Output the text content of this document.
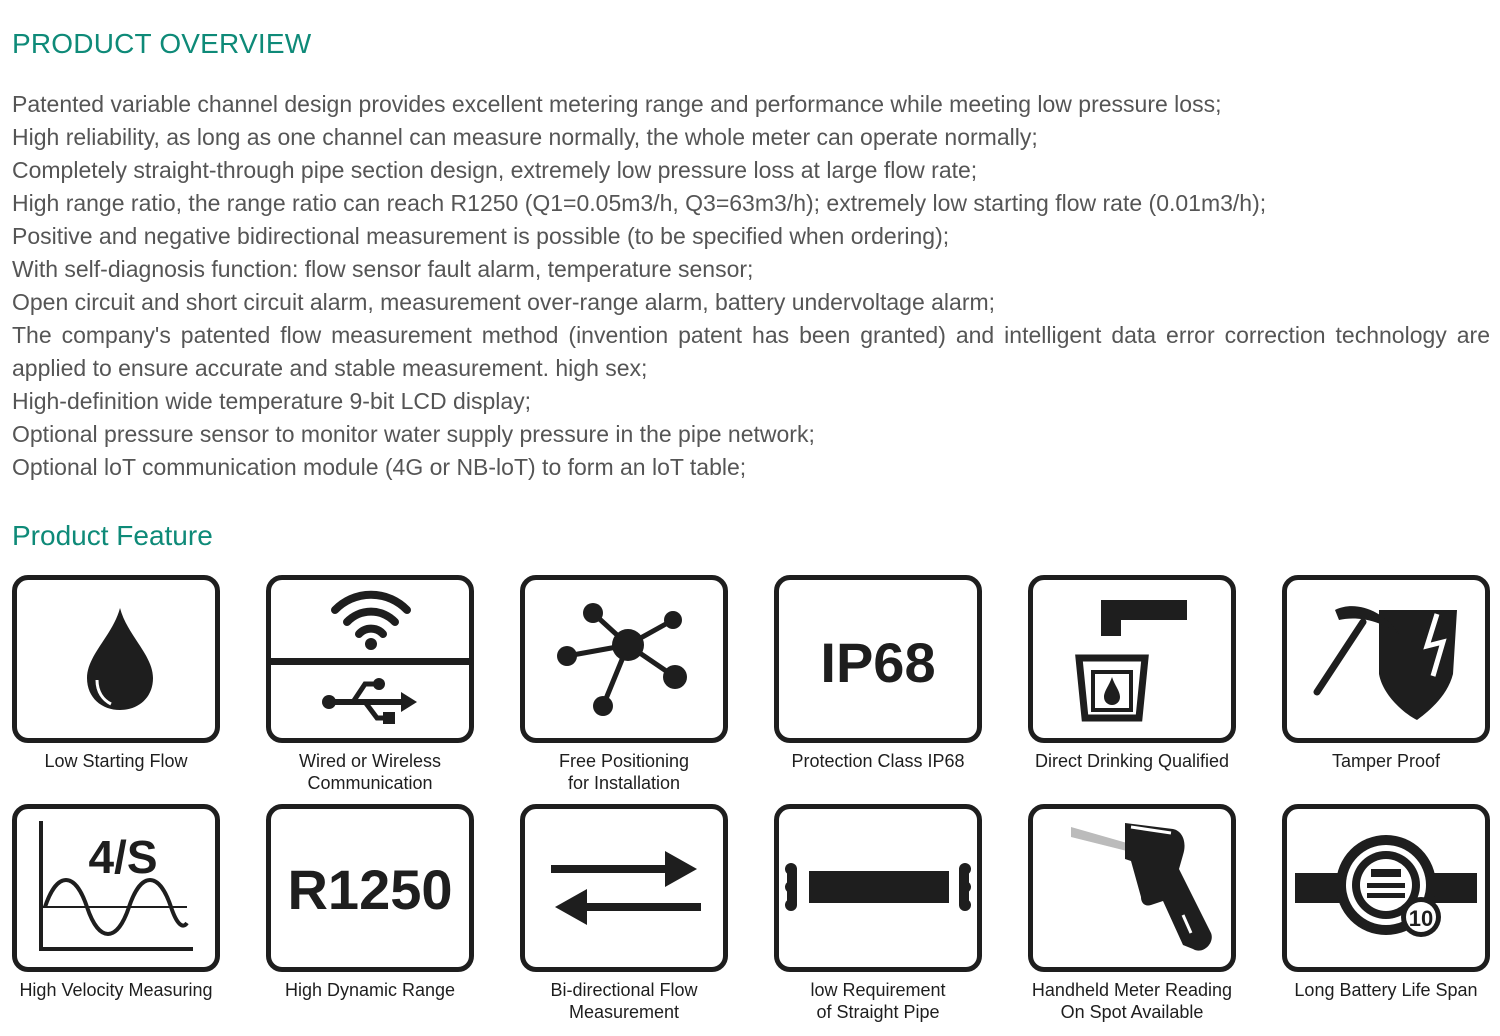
PRODUCT OVERVIEW

Patented variable channel design provides excellent metering range and performance while meeting low pressure loss;

High reliability, as long as one channel can measure normally, the whole meter can operate normally;

Completely straight-through pipe section design, extremely low pressure loss at large flow rate;

High range ratio, the range ratio can reach R1250 (Q1=0.05m3/h, Q3=63m3/h); extremely low starting flow rate (0.01m3/h);

Positive and negative bidirectional measurement is possible (to be specified when ordering);

With self-diagnosis function: flow sensor fault alarm, temperature sensor;

Open circuit and short circuit alarm, measurement over-range alarm, battery undervoltage alarm;

The company's patented flow measurement method (invention patent has been granted) and intelligent data error correction technology are applied to ensure accurate and stable measurement. high sex;

High-definition wide temperature 9-bit LCD display;

Optional pressure sensor to monitor water supply pressure in the pipe network;

Optional loT communication module (4G or NB-loT) to form an loT table;

Product Feature
Low Starting Flow	Wired or Wireless
Communication
Free Positioning
for Installation
IP68
Protection Class IP68	Direct Drinking Qualified	Tamper Proof
4/S
High Velocity Measuring
R1250
High Dynamic Range	Bi-directional Flow
Measurement
low Requirement
of Straight Pipe
Handheld Meter Reading
On Spot Available
10
Long Battery Life Span
